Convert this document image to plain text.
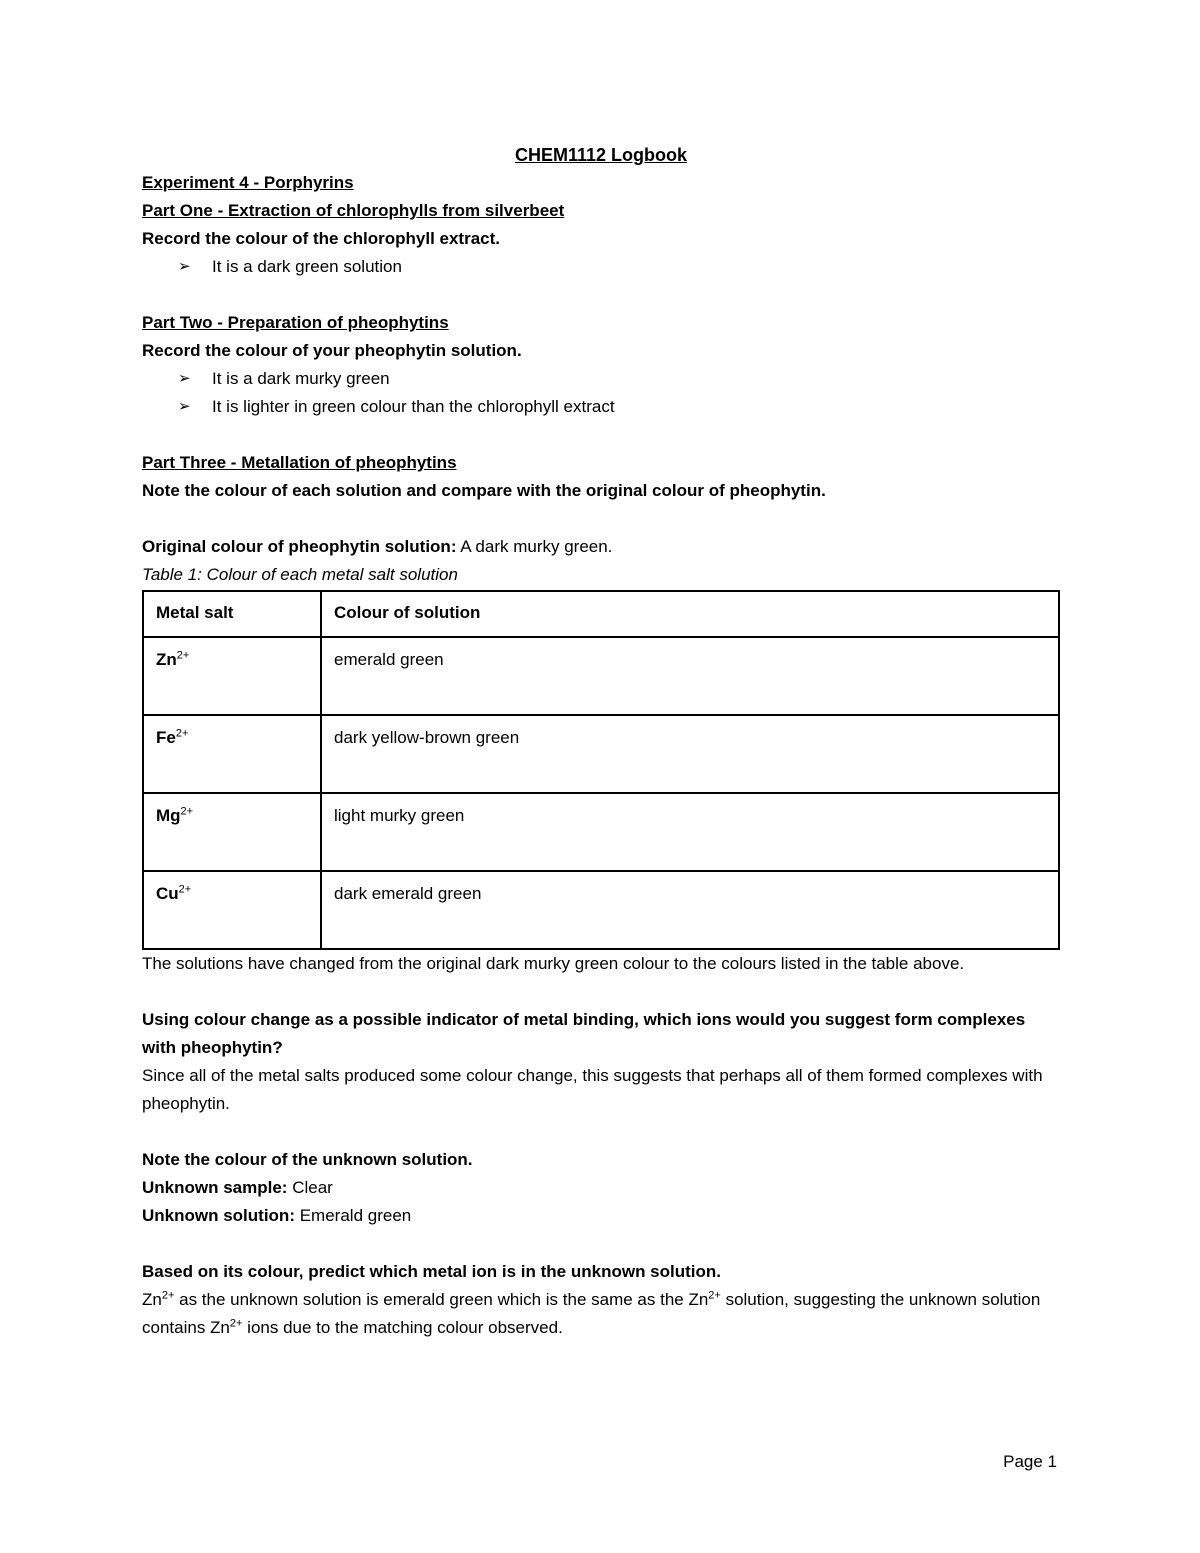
CHEM1112 Logbook
Experiment 4 - Porphyrins
Part One - Extraction of chlorophylls from silverbeet
Record the colour of the chlorophyll extract.
➢	It is a dark green solution
Part Two - Preparation of pheophytins
Record the colour of your pheophytin solution.
➢	It is a dark murky green
➢	It is lighter in green colour than the chlorophyll extract
Part Three - Metallation of pheophytins
Note the colour of each solution and compare with the original colour of pheophytin.
Original colour of pheophytin solution: A dark murky green.
Table 1: Colour of each metal salt solution
Metal salt	Colour of solution
$Zn^{2+}$	emerald green
$Fe^{2+}$	dark yellow-brown green
$Mg^{2+}$	light murky green
$Cu^{2+}$	dark emerald green
The solutions have changed from the original dark murky green colour to the colours listed in the table above.
Using colour change as a possible indicator of metal binding, which ions would you suggest form complexes with pheophytin?
Since all of the metal salts produced some colour change, this suggests that perhaps all of them formed complexes with pheophytin.
Note the colour of the unknown solution.
Unknown sample: Clear
Unknown solution: Emerald green
Based on its colour, predict which metal ion is in the unknown solution.
$Zn^{2+}$ as the unknown solution is emerald green which is the same as the $Zn^{2+}$ solution, suggesting the unknown solution contains $Zn^{2+}$ ions due to the matching colour observed.
Page 1
